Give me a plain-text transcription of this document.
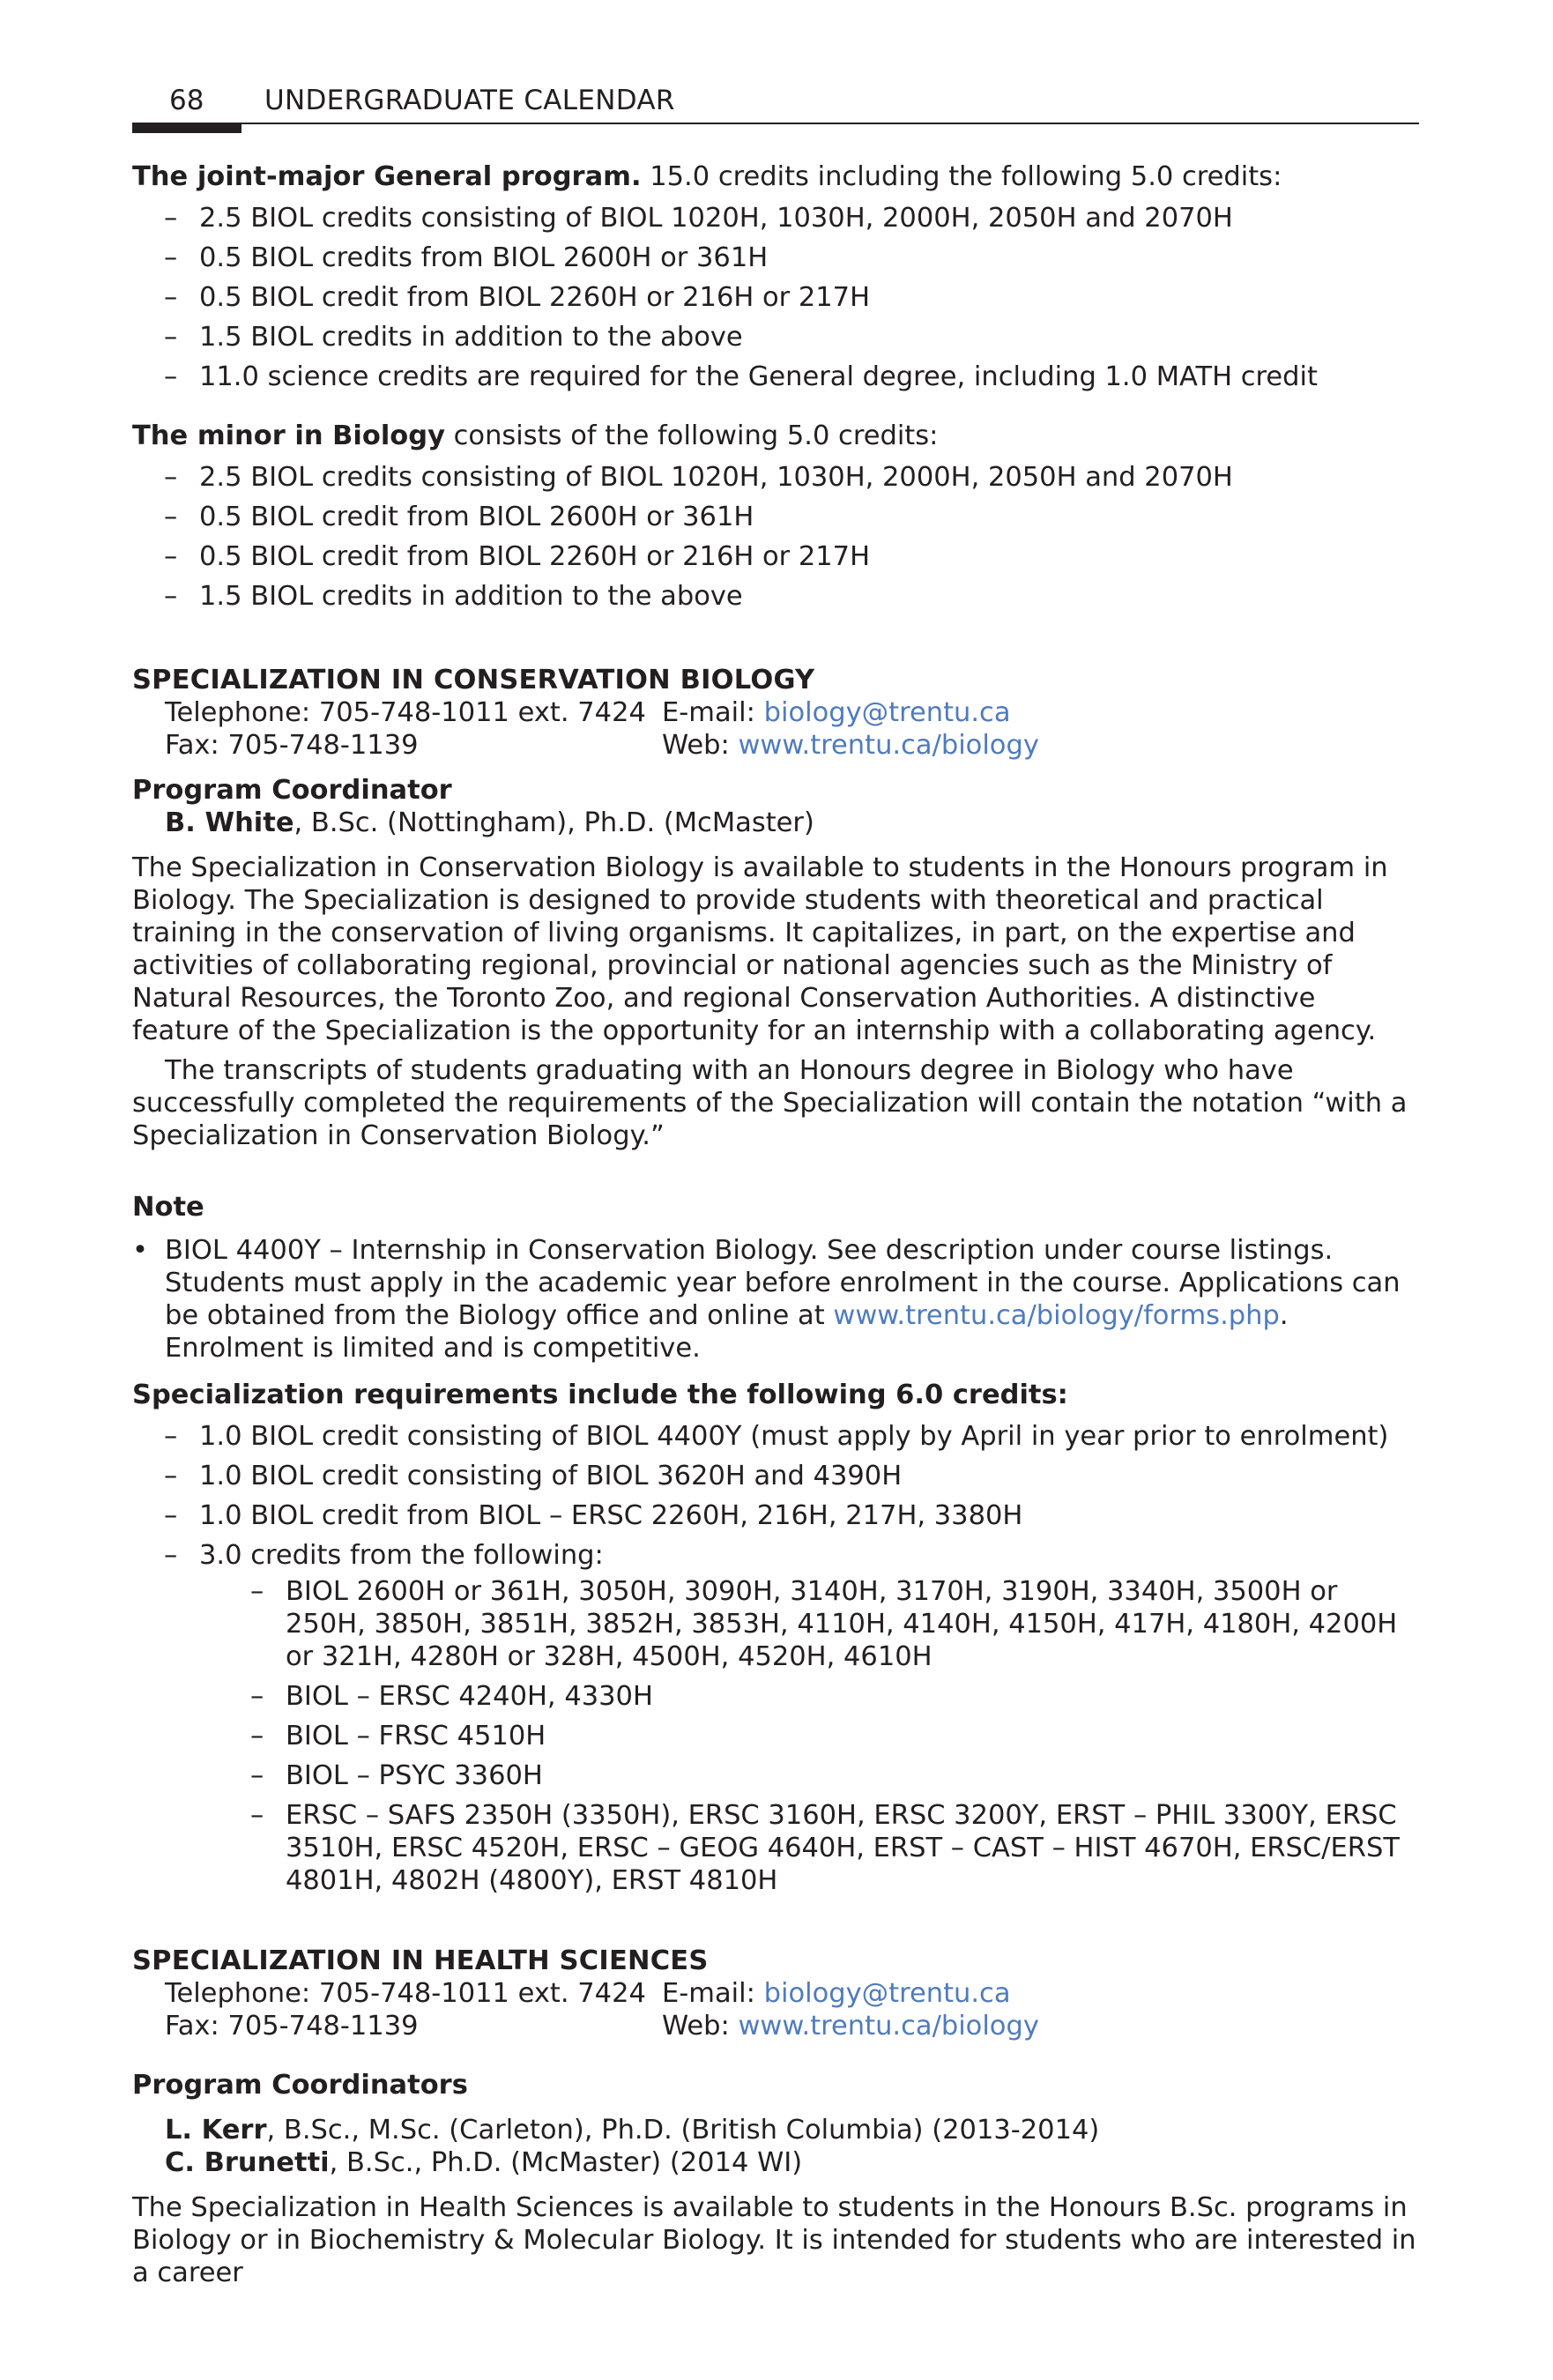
68 UNDERGRADUATE CALENDAR

The joint-major General program. 15.0 credits including the following 5.0 credits:

– 2.5 BIOL credits consisting of BIOL 1020H, 1030H, 2000H, 2050H and 2070H
– 0.5 BIOL credits from BIOL 2600H or 361H
– 0.5 BIOL credit from BIOL 2260H or 216H or 217H
– 1.5 BIOL credits in addition to the above
– 11.0 science credits are required for the General degree, including 1.0 MATH credit

The minor in Biology consists of the following 5.0 credits:

– 2.5 BIOL credits consisting of BIOL 1020H, 1030H, 2000H, 2050H and 2070H
– 0.5 BIOL credit from BIOL 2600H or 361H
– 0.5 BIOL credit from BIOL 2260H or 216H or 217H
– 1.5 BIOL credits in addition to the above

SPECIALIZATION IN CONSERVATION BIOLOGY

Telephone: 705-748-1011 ext. 7424 E-mail: biology@trentu.ca
Fax: 705-748-1139	Web: www.trentu.ca/biology

Program Coordinator

B. White, B.Sc. (Nottingham), Ph.D. (McMaster)

The Specialization in Conservation Biology is available to students in the Honours program in Biology. The Specialization is designed to provide students with theoretical and practical training in the conservation of living organisms. It capitalizes, in part, on the expertise and activities of collaborating regional, provincial or national agencies such as the Ministry of Natural Resources, the Toronto Zoo, and regional Conservation Authorities. A distinctive feature of the Specialization is the opportunity for an internship with a collaborating agency.

The transcripts of students graduating with an Honours degree in Biology who have successfully completed the requirements of the Specialization will contain the notation “with a Specialization in Conservation Biology.”

Note

• BIOL 4400Y – Internship in Conservation Biology. See description under course listings. Students must apply in the academic year before enrolment in the course. Applications can be obtained from the Biology office and online at www.trentu.ca/biology/forms.php. Enrolment is limited and is competitive.

Specialization requirements include the following 6.0 credits:

– 1.0 BIOL credit consisting of BIOL 4400Y (must apply by April in year prior to enrolment)
– 1.0 BIOL credit consisting of BIOL 3620H and 4390H
– 1.0 BIOL credit from BIOL – ERSC 2260H, 216H, 217H, 3380H
– 3.0 credits from the following:
– BIOL 2600H or 361H, 3050H, 3090H, 3140H, 3170H, 3190H, 3340H, 3500H or 250H, 3850H, 3851H, 3852H, 3853H, 4110H, 4140H, 4150H, 417H, 4180H, 4200H or 321H, 4280H or 328H, 4500H, 4520H, 4610H
– BIOL – ERSC 4240H, 4330H
– BIOL – FRSC 4510H
– BIOL – PSYC 3360H
– ERSC – SAFS 2350H (3350H), ERSC 3160H, ERSC 3200Y, ERST – PHIL 3300Y, ERSC 3510H, ERSC 4520H, ERSC – GEOG 4640H, ERST – CAST – HIST 4670H, ERSC/ERST 4801H, 4802H (4800Y), ERST 4810H

SPECIALIZATION IN HEALTH SCIENCES

Telephone: 705-748-1011 ext. 7424 E-mail: biology@trentu.ca
Fax: 705-748-1139	Web: www.trentu.ca/biology

Program Coordinators

L. Kerr, B.Sc., M.Sc. (Carleton), Ph.D. (British Columbia) (2013-2014)

C. Brunetti, B.Sc., Ph.D. (McMaster) (2014 WI)

The Specialization in Health Sciences is available to students in the Honours B.Sc. programs in Biology or in Biochemistry & Molecular Biology. It is intended for students who are interested in a career
